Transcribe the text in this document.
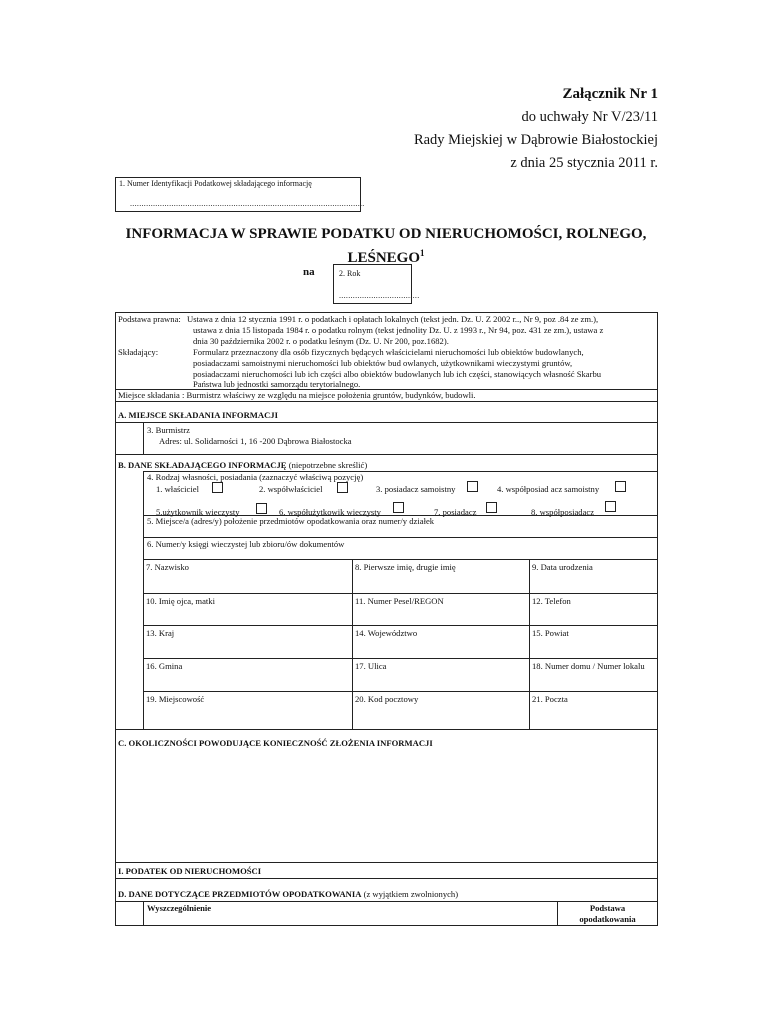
Załącznik Nr 1
do uchwały Nr V/23/11
Rady Miejskiej w Dąbrowie Białostockiej
z dnia 25 stycznia 2011 r.
1. Numer Identyfikacji Podatkowej składającego informację
......................................................................................................
INFORMACJA W SPRAWIE PODATKU OD NIERUCHOMOŚCI, ROLNEGO,
LEŚNEGO$^1$
na	2. Rok
...................................
Podstawa prawna: Ustawa z dnia 12 stycznia 1991 r. o podatkach i opłatach lokalnych (tekst jedn. Dz. U. Z 2002 r.., Nr 9, poz .84 ze zm.),
ustawa z dnia 15 listopada 1984 r. o podatku rolnym (tekst jednolity Dz. U. z 1993 r., Nr 94, poz. 431 ze zm.), ustawa z
dnia 30 października 2002 r. o podatku leśnym (Dz. U. Nr 200, poz.1682).
Składający:	Formularz przeznaczony dla osób fizycznych będących właścicielami nieruchomości lub obiektów budowlanych,
posiadaczami samoistnymi nieruchomości lub obiektów bud owlanych, użytkownikami wieczystymi gruntów,
posiadaczami nieruchomości lub ich części albo obiektów budowlanych lub ich części, stanowiących własność Skarbu
Państwa lub jednostki samorządu terytorialnego.
Miejsce składania : Burmistrz właściwy ze względu na miejsce położenia gruntów, budynków, budowli.
A. MIEJSCE SKŁADANIA INFORMACJI
3. Burmistrz
Adres: ul. Solidarności 1, 16 -200 Dąbrowa Białostocka
B. DANE SKŁADAJĄCEGO INFORMACJĘ (niepotrzebne skreślić)
4. Rodzaj własności, posiadania (zaznaczyć właściwą pozycję)
1. właściciel	2. współwłaściciel	3. posiadacz samoistny	4. współposiad acz samoistny
5.użytkownik wieczysty	6. współużytkowik wieczysty	7. posiadacz	8. współposiadacz
5. Miejsce/a (adres/y) położenie przedmiotów opodatkowania oraz numer/y działek
6. Numer/y księgi wieczystej lub zbioru/ów dokumentów
7. Nazwisko	8. Pierwsze imię, drugie imię	9. Data urodzenia
10. Imię ojca, matki	11. Numer Pesel/REGON	12. Telefon
13. Kraj	14. Województwo	15. Powiat
16. Gmina	17. Ulica	18. Numer domu / Numer lokalu
19. Miejscowość	20. Kod pocztowy	21. Poczta
C. OKOLICZNOŚCI POWODUJĄCE KONIECZNOŚĆ ZŁOŻENIA INFORMACJI
I. PODATEK OD NIERUCHOMOŚCI
D. DANE DOTYCZĄCE PRZEDMIOTÓW OPODATKOWANIA (z wyjątkiem zwolnionych)
Wyszczególnienie	Podstawa
opodatkowania
